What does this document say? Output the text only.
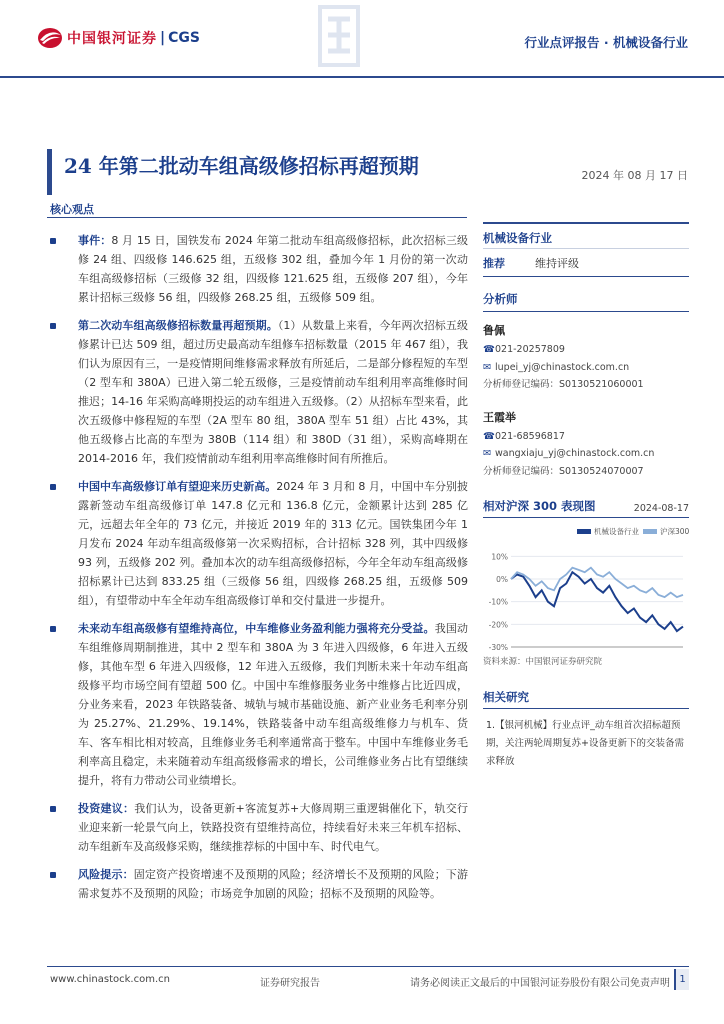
中国银河证券 | CGS	行业点评报告 · 机械设备行业
24 年第二批动车组高级修招标再超预期	2024 年 08 月 17 日
核心观点
事件：8 月 15 日，国铁发布 2024 年第二批动车组高级修招标，此次招标三级修 24 组、四级修 146.625 组，五级修 302 组，叠加今年 1 月份的第一次动车组高级修招标（三级修 32 组，四级修 121.625 组，五级修 207 组），今年累计招标三级修 56 组，四级修 268.25 组，五级修 509 组。
第二次动车组高级修招标数量再超预期。（1）从数量上来看，今年两次招标五级修累计已达 509 组，超过历史最高动车组修车招标数量（2015 年 467 组），我们认为原因有三，一是疫情期间维修需求释放有所延后，二是部分修程短的车型（2 型车和 380A）已进入第二轮五级修，三是疫情前动车组利用率高维修时间推迟；14-16 年采购高峰期投运的动车组进入五级修。（2）从招标车型来看，此次五级修中修程短的车型（2A 型车 80 组，380A 型车 51 组）占比 43%，其他五级修占比高的车型为 380B（114 组）和 380D（31 组），采购高峰期在 2014-2016 年，我们疫情前动车组利用率高维修时间有所推后。
中国中车高级修订单有望迎来历史新高。2024 年 3 月和 8 月，中国中车分别披露新签动车组高级修订单 147.8 亿元和 136.8 亿元，金额累计达到 285 亿元，远超去年全年的 73 亿元，并接近 2019 年的 313 亿元。国铁集团今年 1 月发布 2024 年动车组高级修第一次采购招标，合计招标 328 列，其中四级修 93 列，五级修 202 列。叠加本次的动车组高级修招标，今年全年动车组高级修招标累计已达到 833.25 组（三级修 56 组，四级修 268.25 组，五级修 509 组），有望带动中车全年动车组高级修订单和交付量进一步提升。
未来动车组高级修有望维持高位，中车维修业务盈利能力强将充分受益。我国动车组维修周期制推进，其中 2 型车和 380A 为 3 年进入四级修，6 年进入五级修，其他车型 6 年进入四级修，12 年进入五级修，我们判断未来十年动车组高级修平均市场空间有望超 500 亿。中国中车维修服务业务中维修占比近四成，分业务来看，2023 年铁路装备、城轨与城市基础设施、新产业业务毛利率分别为 25.27%、21.29%、19.14%，铁路装备中动车组高级维修力与机车、货车、客车相比相对较高，且维修业务毛利率通常高于整车。中国中车维修业务毛利率高且稳定，未来随着动车组高级修需求的增长，公司维修业务占比有望继续提升，将有力带动公司业绩增长。
投资建议：我们认为，设备更新+客流复苏+大修周期三重逻辑催化下，轨交行业迎来新一轮景气向上，铁路投资有望维持高位，持续看好未来三年机车招标、动车组新车及高级修采购，继续推荐标的中国中车、时代电气。
风险提示：固定资产投资增速不及预期的风险；经济增长不及预期的风险；下游需求复苏不及预期的风险；市场竞争加剧的风险；招标不及预期的风险等。
机械设备行业
推荐	维持评级
分析师
鲁佩
☎021-20257809
✉ lupei_yj@chinastock.com.cn
分析师登记编码：S0130521060001
王霞举
☎021-68596817
✉ wangxiaju_yj@chinastock.com.cn
分析师登记编码：S0130524070007
相对沪深 300 表现图	2024-08-17
10%
0%
-10%
-20%
-30%
机械设备行业	沪深300
资料来源：中国银河证券研究院
相关研究
1.【银河机械】行业点评_动车组首次招标超预期，关注两轮周期复苏+设备更新下的交装备需求释放
www.chinastock.com.cn	证券研究报告	请务必阅读正文最后的中国银河证券股份有限公司免责声明 1
